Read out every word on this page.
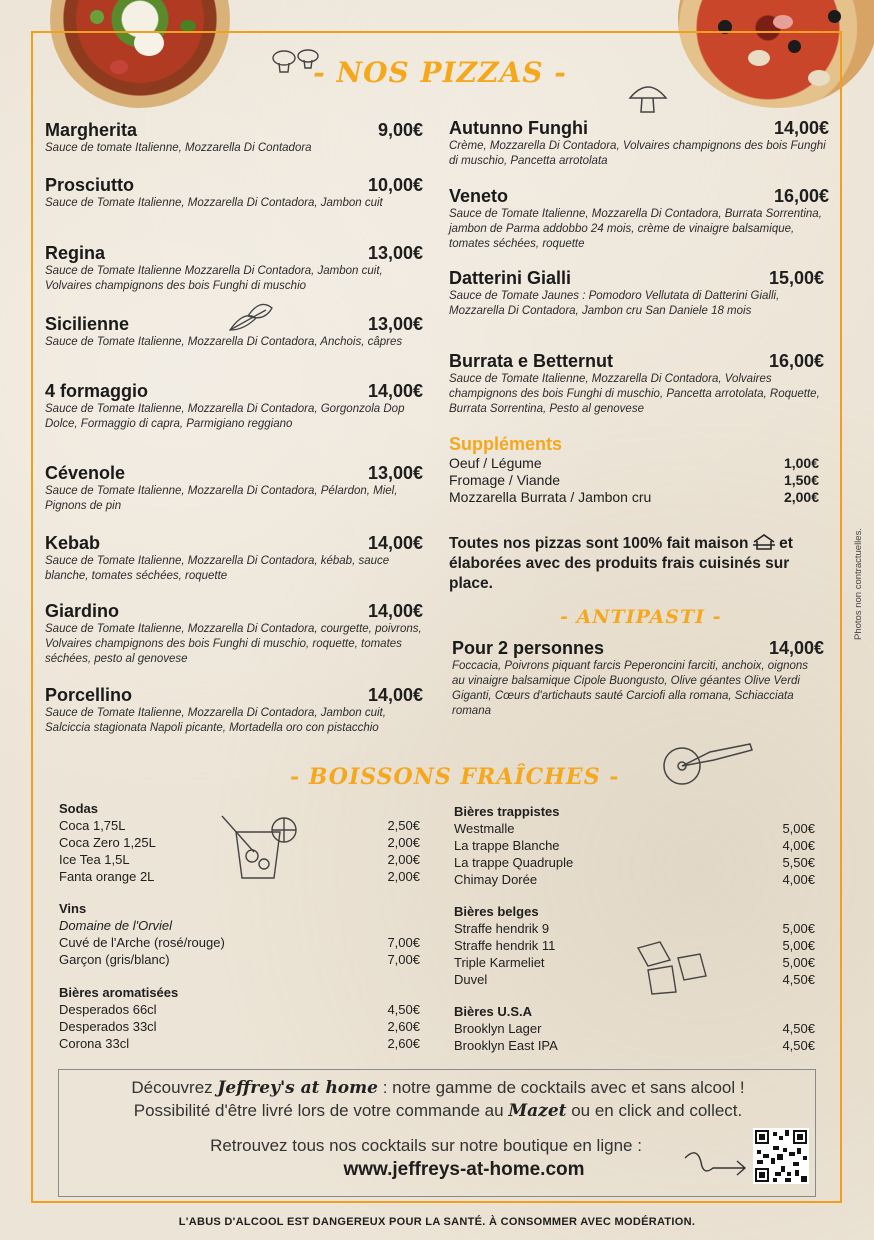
- NOS PIZZAS -
- ANTIPASTI -
- BOISSONS FRAÎCHES -
Margherita	9,00€
Sauce de tomate Italienne, Mozzarella Di Contadora
Prosciutto	10,00€
Sauce de Tomate Italienne, Mozzarella Di Contadora, Jambon cuit
Regina	13,00€
Sauce de Tomate Italienne Mozzarella Di Contadora, Jambon cuit, Volvaires champignons des bois Funghi di muschio
Sicilienne	13,00€
Sauce de Tomate Italienne, Mozzarella Di Contadora, Anchois, câpres
4 formaggio	14,00€
Sauce de Tomate Italienne, Mozzarella Di Contadora, Gorgonzola Dop Dolce, Formaggio di capra, Parmigiano reggiano
Cévenole	13,00€
Sauce de Tomate Italienne, Mozzarella Di Contadora, Pélardon, Miel, Pignons de pin
Kebab	14,00€
Sauce de Tomate Italienne, Mozzarella Di Contadora, kébab, sauce blanche, tomates séchées, roquette
Giardino	14,00€
Sauce de Tomate Italienne, Mozzarella Di Contadora, courgette, poivrons, Volvaires champignons des bois Funghi di muschio, roquette, tomates séchées, pesto al genovese
Porcellino	14,00€
Sauce de Tomate Italienne, Mozzarella Di Contadora, Jambon cuit, Salciccia stagionata Napoli picante, Mortadella oro con pistacchio
Autunno Funghi	14,00€
Crème, Mozzarella Di Contadora, Volvaires champignons des bois Funghi di muschio, Pancetta arrotolata
Veneto	16,00€
Sauce de Tomate Italienne, Mozzarella Di Contadora, Burrata Sorrentina, jambon de Parma addobbo 24 mois, crème de vinaigre balsamique, tomates séchées, roquette
Datterini Gialli	15,00€
Sauce de Tomate Jaunes : Pomodoro Vellutata di Datterini Gialli, Mozzarella Di Contadora, Jambon cru San Daniele 18 mois
Burrata e Betternut	16,00€
Sauce de Tomate Italienne, Mozzarella Di Contadora, Volvaires champignons des bois Funghi di muschio, Pancetta arrotolata, Roquette, Burrata Sorrentina, Pesto al genovese
Suppléments
Oeuf / Légume	1,00€
Fromage / Viande	1,50€
Mozzarella Burrata / Jambon cru	2,00€
Toutes nos pizzas sont 100% fait maison et élaborées avec des produits frais cuisinés sur place.
Pour 2 personnes	14,00€
Foccacia, Poivrons piquant farcis Peperoncini farciti, anchoix, oignons au vinaigre balsamique Cipole Buongusto, Olive géantes Olive Verdi Giganti, Cœurs d'artichauts sauté Carciofi alla romana, Schiacciata romana
Sodas
Coca 1,75L	2,50€
Coca Zero 1,25L	2,00€
Ice Tea 1,5L	2,00€
Fanta orange 2L	2,00€
Vins
Domaine de l'Orviel
Cuvé de l'Arche (rosé/rouge)	7,00€
Garçon (gris/blanc)	7,00€
Bières aromatisées
Desperados 66cl	4,50€
Desperados 33cl	2,60€
Corona 33cl	2,60€
Bières trappistes
Westmalle	5,00€
La trappe Blanche	4,00€
La trappe Quadruple	5,50€
Chimay Dorée	4,00€
Bières belges
Straffe hendrik 9	5,00€
Straffe hendrik 11	5,00€
Triple Karmeliet	5,00€
Duvel	4,50€
Bières U.S.A
Brooklyn Lager	4,50€
Brooklyn East IPA	4,50€
Découvrez Jeffrey's at home : notre gamme de cocktails avec et sans alcool !
Possibilité d'être livré lors de votre commande au Mazet ou en click and collect.
Retrouvez tous nos cocktails sur notre boutique en ligne :
www.jeffreys-at-home.com
L'ABUS D'ALCOOL EST DANGEREUX POUR LA SANTÉ. À CONSOMMER AVEC MODÉRATION.
Photos non contractuelles.
